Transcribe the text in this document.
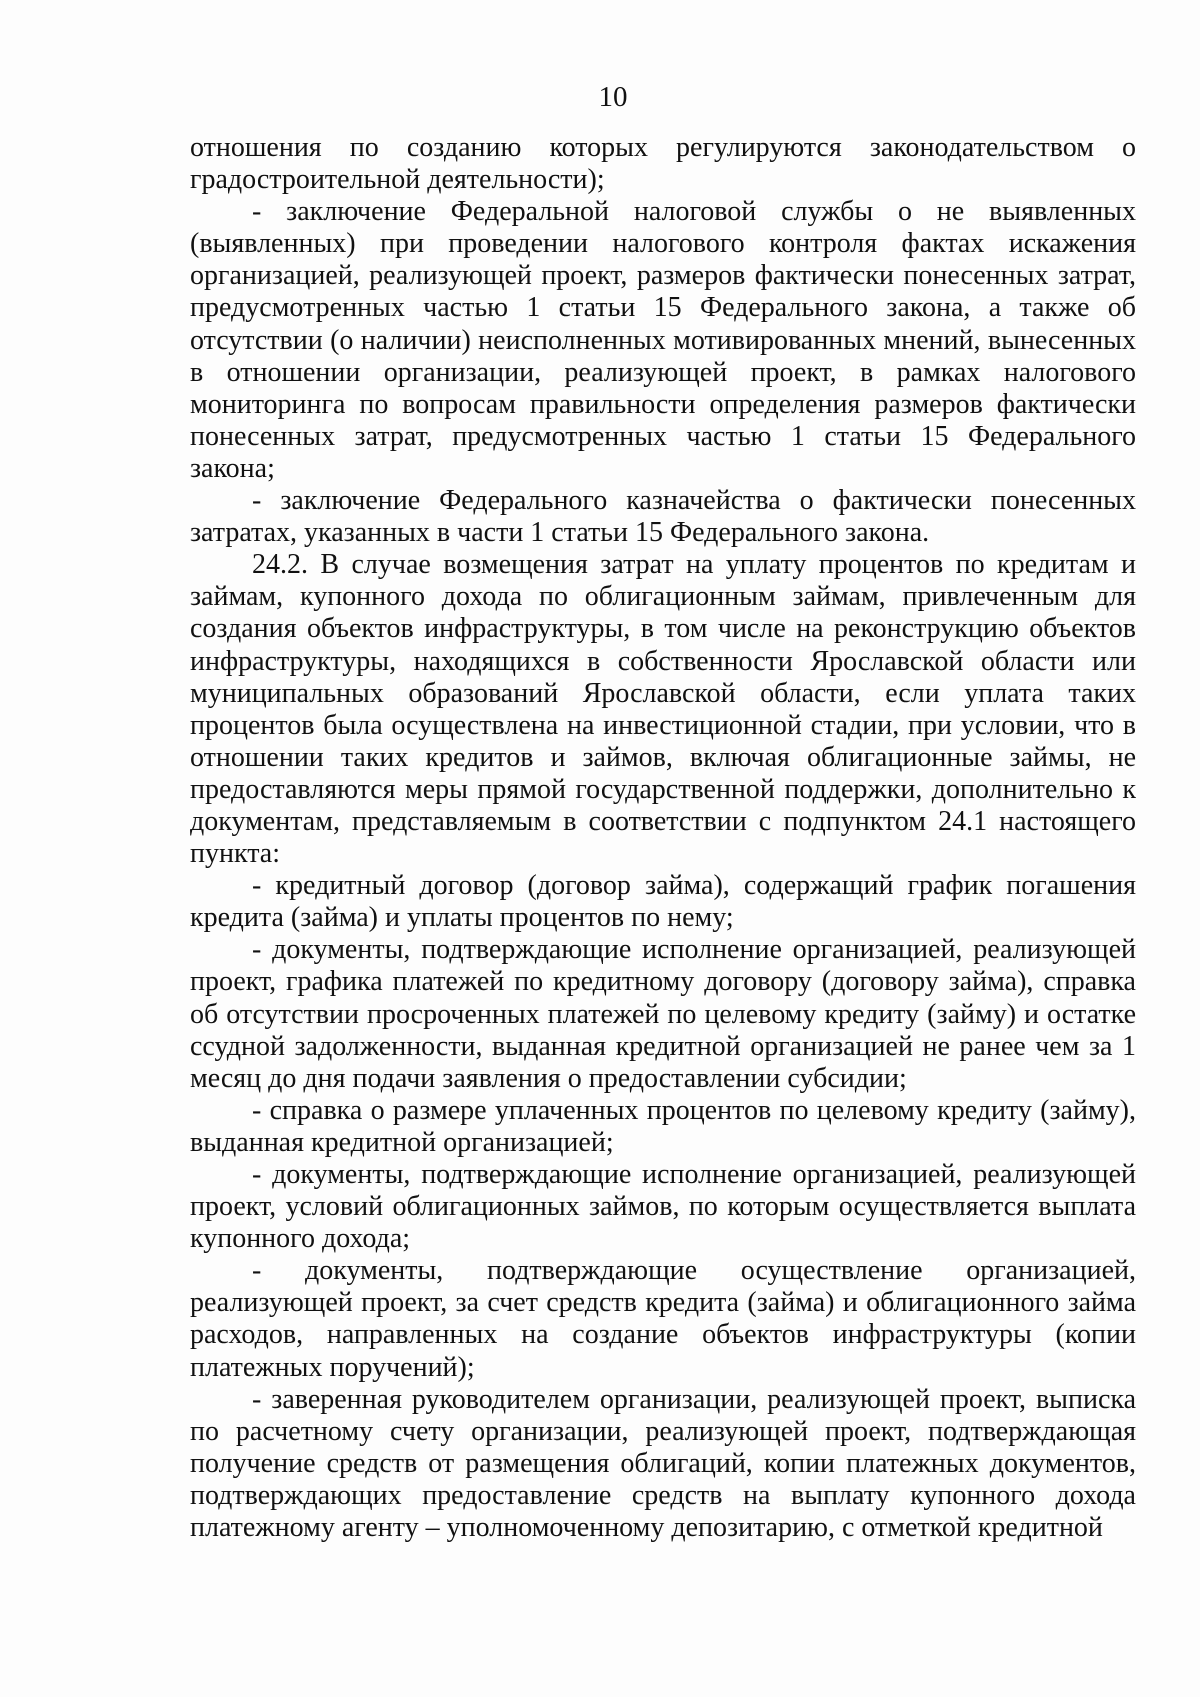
10

отношения по созданию которых регулируются законодательством о градостроительной деятельности);

- заключение Федеральной налоговой службы о не выявленных (выявленных) при проведении налогового контроля фактах искажения организацией, реализующей проект, размеров фактически понесенных затрат, предусмотренных частью 1 статьи 15 Федерального закона, а также об отсутствии (о наличии) неисполненных мотивированных мнений, вынесенных в отношении организации, реализующей проект, в рамках налогового мониторинга по вопросам правильности определения размеров фактически понесенных затрат, предусмотренных частью 1 статьи 15 Федерального закона;

- заключение Федерального казначейства о фактически понесенных затратах, указанных в части 1 статьи 15 Федерального закона.

24.2. В случае возмещения затрат на уплату процентов по кредитам и займам, купонного дохода по облигационным займам, привлеченным для создания объектов инфраструктуры, в том числе на реконструкцию объектов инфраструктуры, находящихся в собственности Ярославской области или муниципальных образований Ярославской области, если уплата таких процентов была осуществлена на инвестиционной стадии, при условии, что в отношении таких кредитов и займов, включая облигационные займы, не предоставляются меры прямой государственной поддержки, дополнительно к документам, представляемым в соответствии с подпунктом 24.1 настоящего пункта:

- кредитный договор (договор займа), содержащий график погашения кредита (займа) и уплаты процентов по нему;

- документы, подтверждающие исполнение организацией, реализующей проект, графика платежей по кредитному договору (договору займа), справка об отсутствии просроченных платежей по целевому кредиту (займу) и остатке ссудной задолженности, выданная кредитной организацией не ранее чем за 1 месяц до дня подачи заявления о предоставлении субсидии;

- справка о размере уплаченных процентов по целевому кредиту (займу), выданная кредитной организацией;

- документы, подтверждающие исполнение организацией, реализующей проект, условий облигационных займов, по которым осуществляется выплата купонного дохода;

- документы, подтверждающие осуществление организацией, реализующей проект, за счет средств кредита (займа) и облигационного займа расходов, направленных на создание объектов инфраструктуры (копии платежных поручений);

- заверенная руководителем организации, реализующей проект, выписка по расчетному счету организации, реализующей проект, подтверждающая получение средств от размещения облигаций, копии платежных документов, подтверждающих предоставление средств на выплату купонного дохода платежному агенту – уполномоченному депозитарию, с отметкой кредитной
